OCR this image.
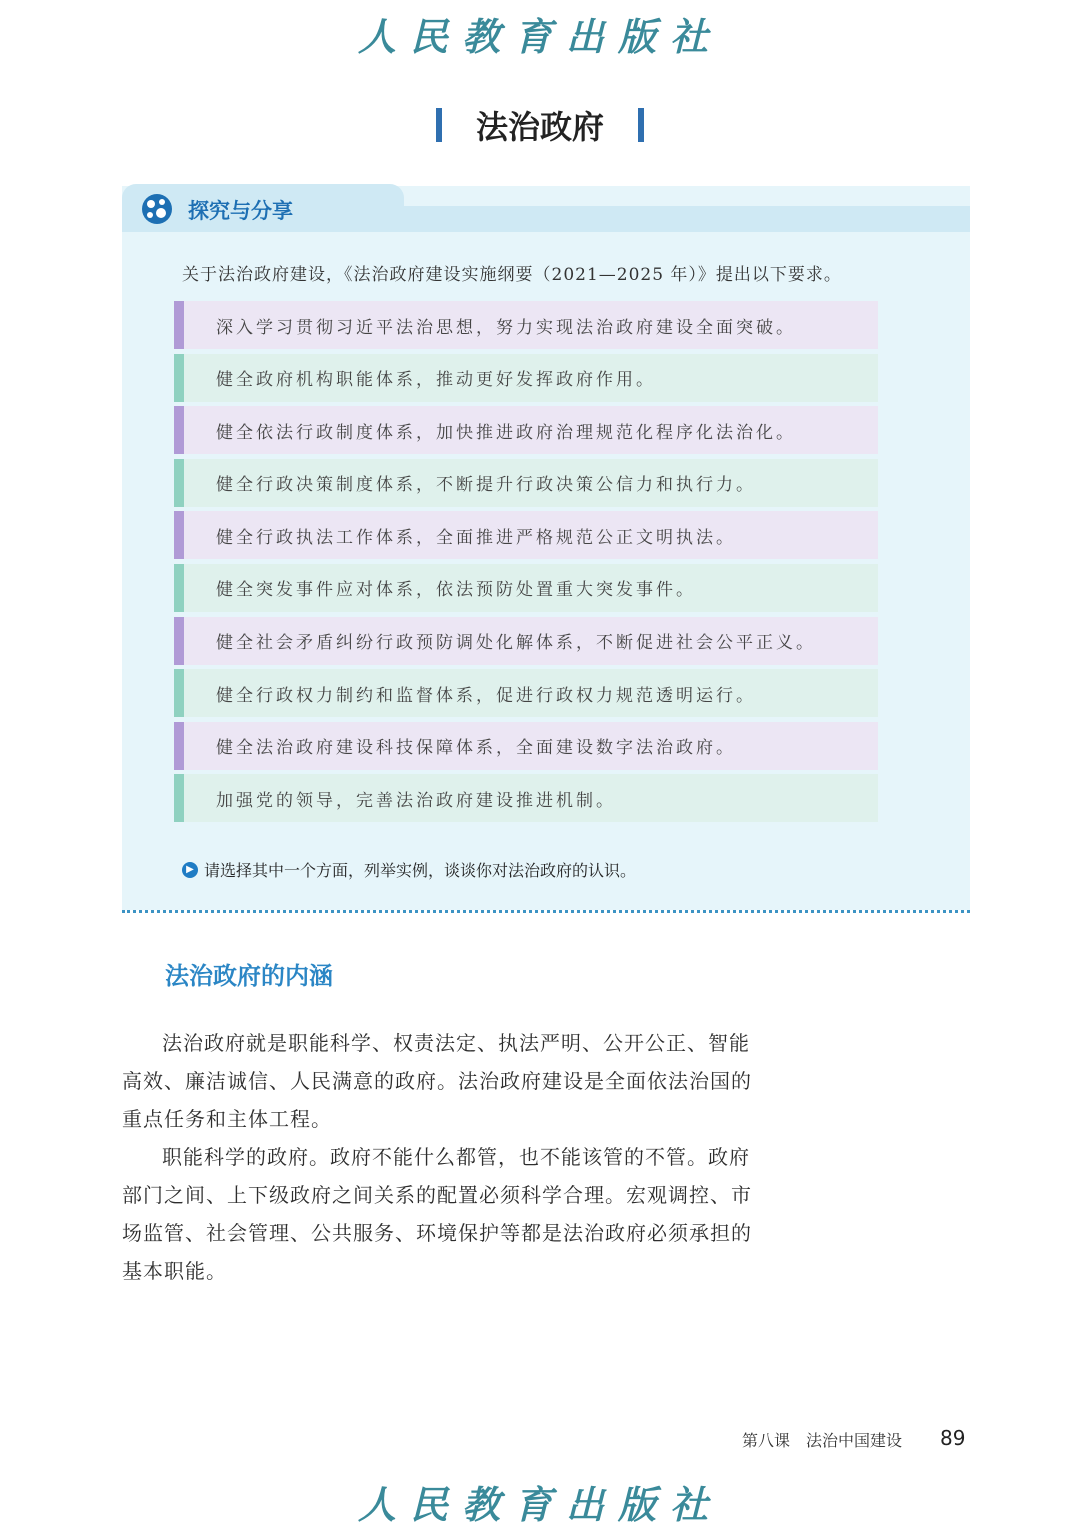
人民教育出版社
法治政府
探究与分享
关于法治政府建设，《法治政府建设实施纲要（2021—2025 年）》提出以下要求。
深入学习贯彻习近平法治思想，努力实现法治政府建设全面突破。
健全政府机构职能体系，推动更好发挥政府作用。
健全依法行政制度体系，加快推进政府治理规范化程序化法治化。
健全行政决策制度体系，不断提升行政决策公信力和执行力。
健全行政执法工作体系，全面推进严格规范公正文明执法。
健全突发事件应对体系，依法预防处置重大突发事件。
健全社会矛盾纠纷行政预防调处化解体系，不断促进社会公平正义。
健全行政权力制约和监督体系，促进行政权力规范透明运行。
健全法治政府建设科技保障体系，全面建设数字法治政府。
加强党的领导，完善法治政府建设推进机制。
▶ 请选择其中一个方面，列举实例，谈谈你对法治政府的认识。
法治政府的内涵

法治政府就是职能科学、权责法定、执法严明、公开公正、智能高效、廉洁诚信、人民满意的政府。法治政府建设是全面依法治国的重点任务和主体工程。

职能科学的政府。政府不能什么都管，也不能该管的不管。政府部门之间、上下级政府之间关系的配置必须科学合理。宏观调控、市场监管、社会管理、公共服务、环境保护等都是法治政府必须承担的基本职能。

第八课 法治中国建设	89
人民教育出版社
